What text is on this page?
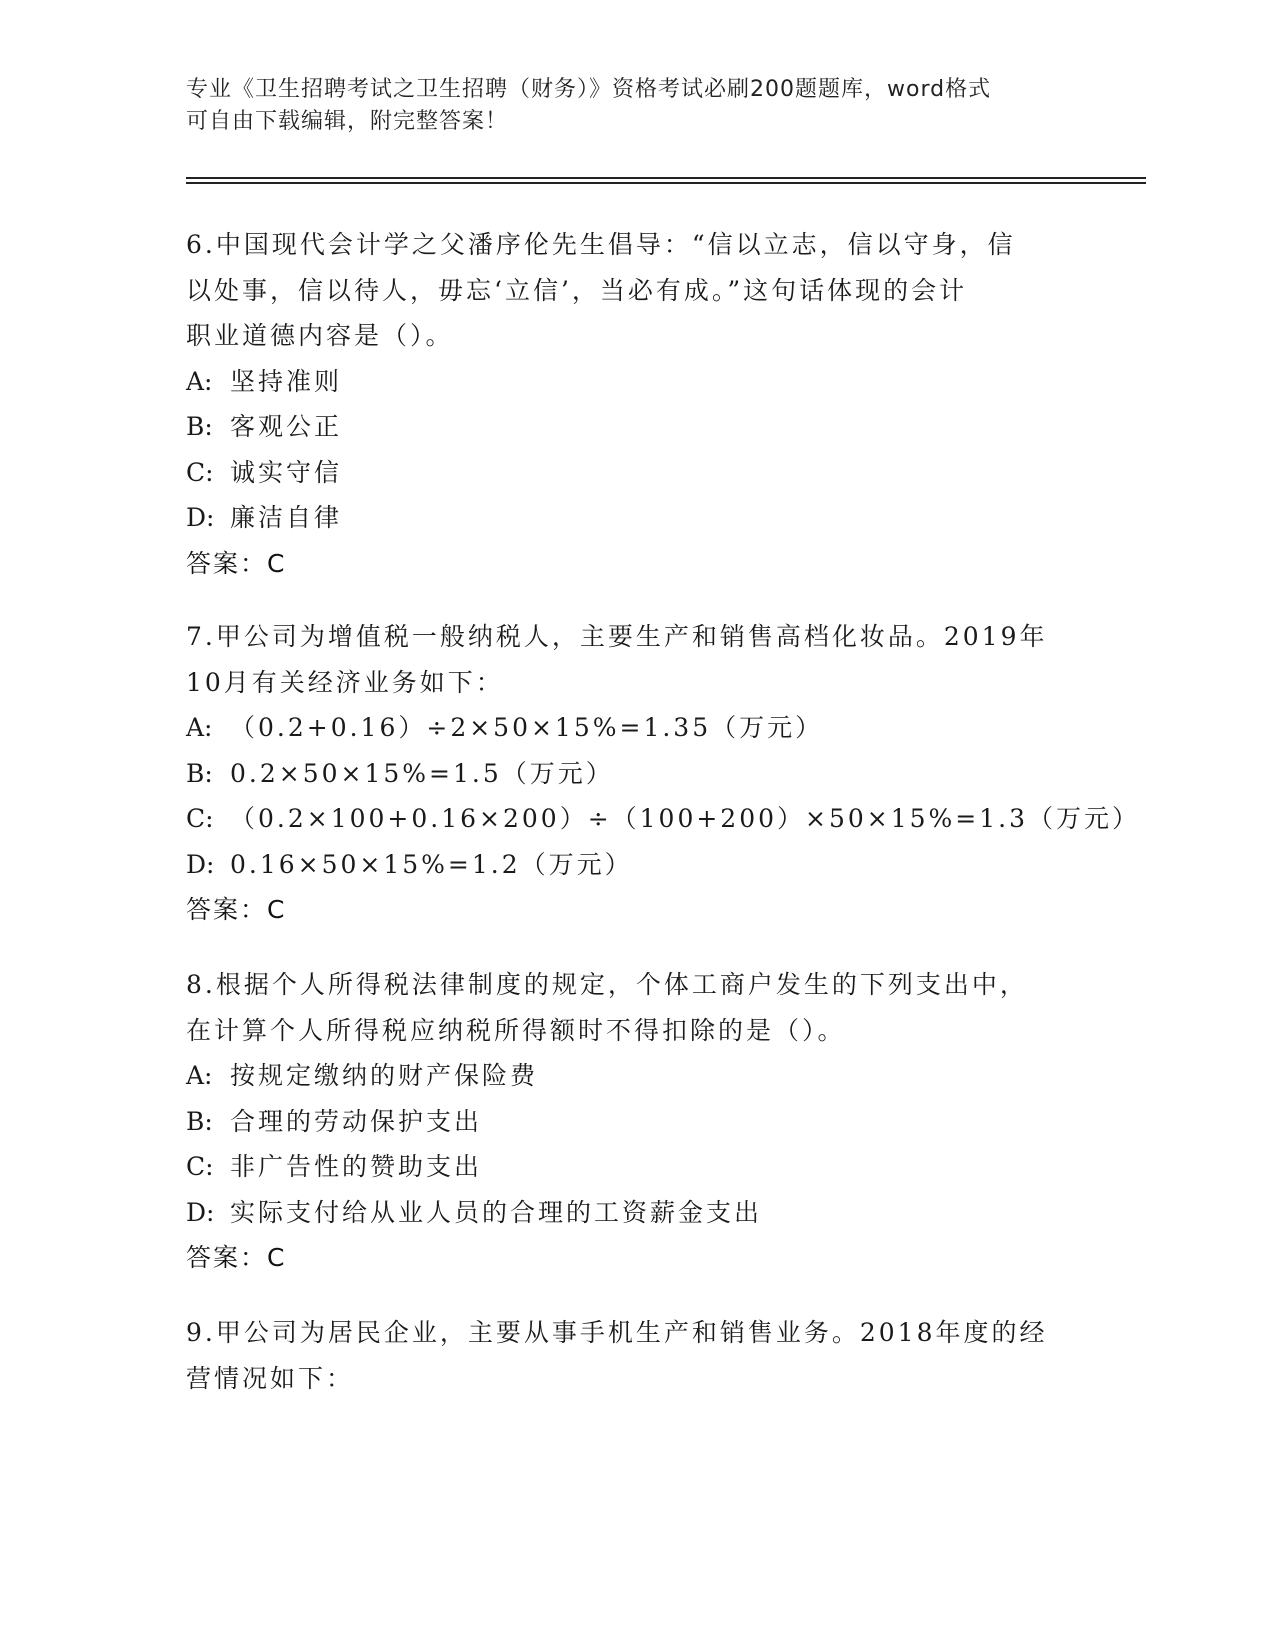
专业《卫生招聘考试之卫生招聘（财务）》资格考试必刷200题题库，word格式
可自由下载编辑，附完整答案！
6.中国现代会计学之父潘序伦先生倡导：“信以立志，信以守身，信
以处事，信以待人，毋忘‘立信’，当必有成。”这句话体现的会计
职业道德内容是（）。
A: 坚持准则
B: 客观公正
C: 诚实守信
D: 廉洁自律
答案：C
7.甲公司为增值税一般纳税人，主要生产和销售高档化妆品。2019年
10月有关经济业务如下：
A: （0.2+0.16）÷2×50×15%=1.35（万元）
B: 0.2×50×15%=1.5（万元）
C: （0.2×100+0.16×200）÷（100+200）×50×15%=1.3（万元）
D: 0.16×50×15%=1.2（万元）
答案：C
8.根据个人所得税法律制度的规定，个体工商户发生的下列支出中，
在计算个人所得税应纳税所得额时不得扣除的是（）。
A: 按规定缴纳的财产保险费
B: 合理的劳动保护支出
C: 非广告性的赞助支出
D: 实际支付给从业人员的合理的工资薪金支出
答案：C
9.甲公司为居民企业，主要从事手机生产和销售业务。2018年度的经
营情况如下：
